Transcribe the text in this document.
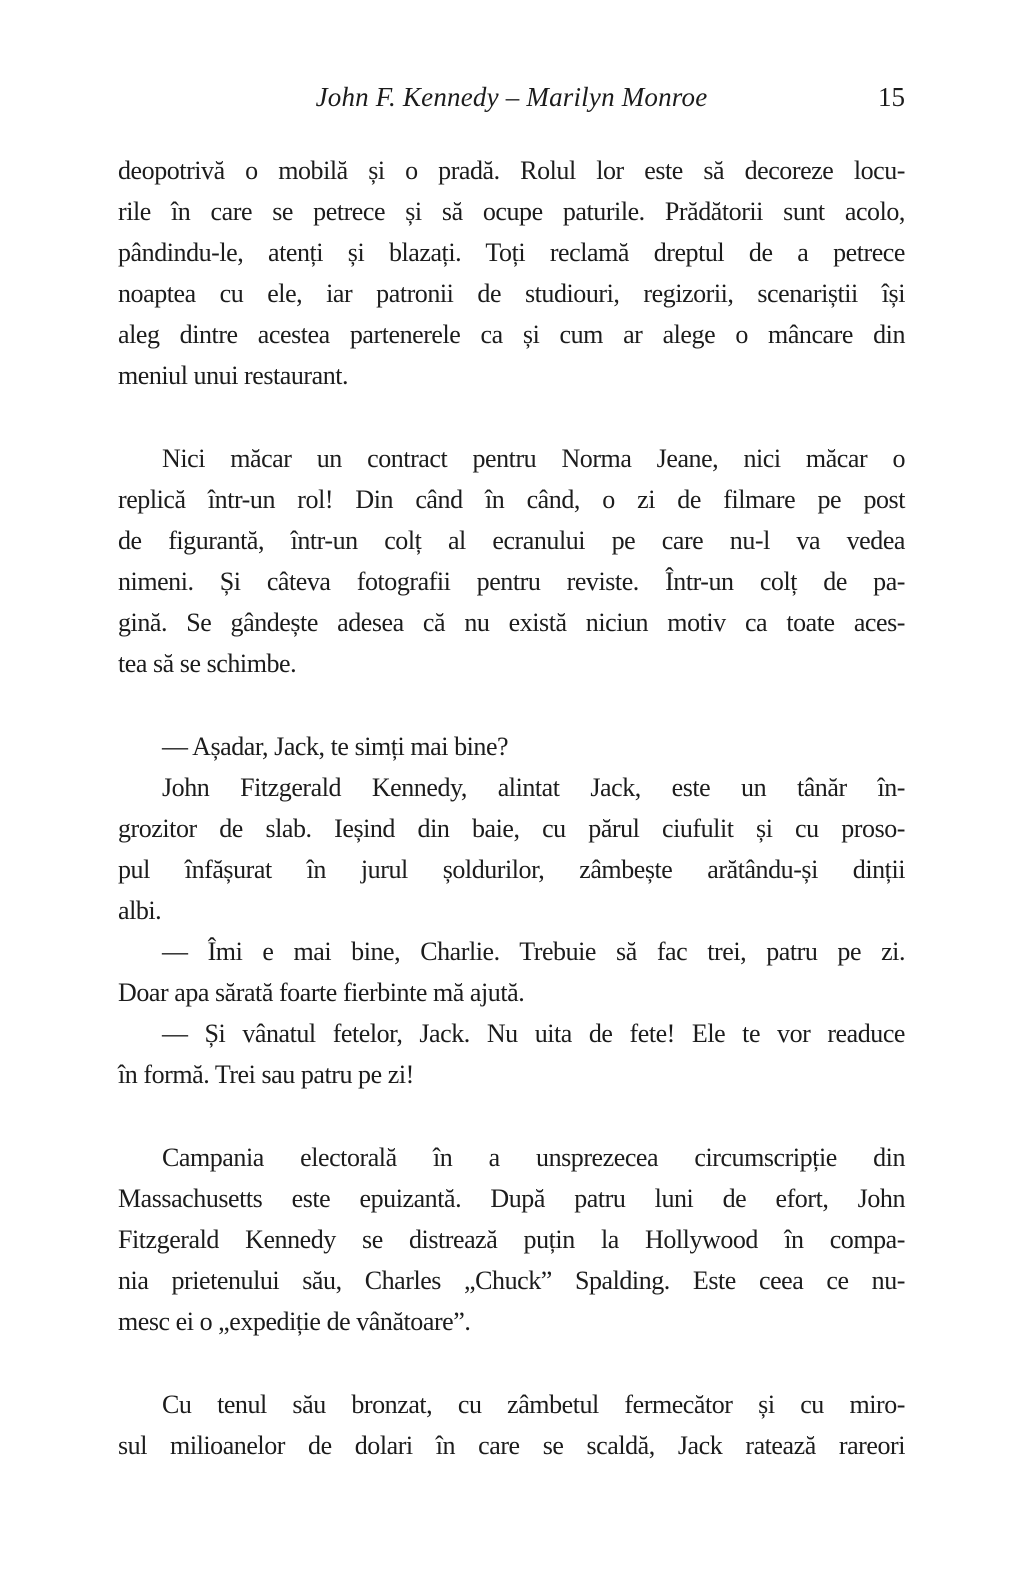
John F. Kennedy – Marilyn Monroe	15
deopotrivă o mobilă și o pradă. Rolul lor este să decoreze locu-
rile în care se petrece și să ocupe paturile. Prădătorii sunt acolo,
pândindu-le, atenți și blazați. Toți reclamă dreptul de a petrece
noaptea cu ele, iar patronii de studiouri, regizorii, scenariștii își
aleg dintre acestea partenerele ca și cum ar alege o mâncare din
meniul unui restaurant.
Nici măcar un contract pentru Norma Jeane, nici măcar o
replică într-un rol! Din când în când, o zi de filmare pe post
de figurantă, într-un colț al ecranului pe care nu-l va vedea
nimeni. Și câteva fotografii pentru reviste. Într-un colț de pa-
gină. Se gândește adesea că nu există niciun motiv ca toate aces-
tea să se schimbe.
— Așadar, Jack, te simți mai bine?
John Fitzgerald Kennedy, alintat Jack, este un tânăr în-
grozitor de slab. Ieșind din baie, cu părul ciufulit și cu proso-
pul înfășurat în jurul șoldurilor, zâmbește arătându-și dinții
albi.
— Îmi e mai bine, Charlie. Trebuie să fac trei, patru pe zi.
Doar apa sărată foarte fierbinte mă ajută.
— Și vânatul fetelor, Jack. Nu uita de fete! Ele te vor readuce
în formă. Trei sau patru pe zi!
Campania electorală în a unsprezecea circumscripție din
Massachusetts este epuizantă. După patru luni de efort, John
Fitzgerald Kennedy se distrează puțin la Hollywood în compa-
nia prietenului său, Charles „Chuck” Spalding. Este ceea ce nu-
mesc ei o „expediție de vânătoare”.
Cu tenul său bronzat, cu zâmbetul fermecător și cu miro-
sul milioanelor de dolari în care se scaldă, Jack ratează rareori
